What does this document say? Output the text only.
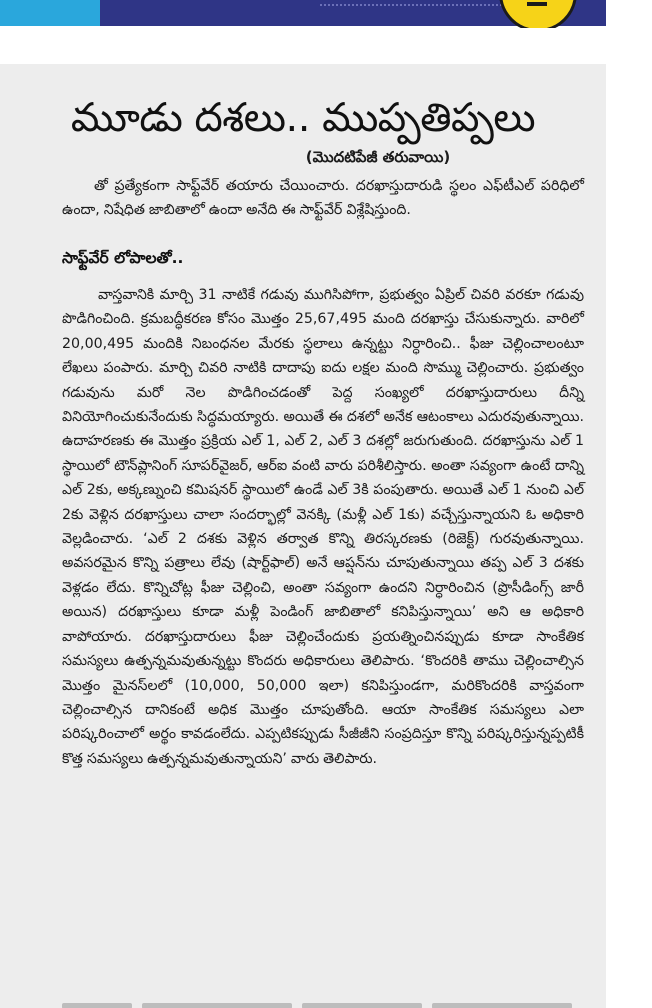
మూడు దశలు.. ముప్పతిప్పలు
(మొదటిపేజీ తరువాయి)

తో ప్రత్యేకంగా సాఫ్ట్‌వేర్ తయారు చేయించారు. దరఖాస్తుదారుడి స్థలం ఎఫ్‌టీఎల్ పరిధిలో ఉందా, నిషేధిత జాబితాలో ఉందా అనేది ఈ సాఫ్ట్‌వేర్ విశ్లేషిస్తుంది.

సాఫ్ట్‌వేర్ లోపాలతో..

వాస్తవానికి మార్చి 31 నాటికే గడువు ముగిసిపోగా, ప్రభుత్వం ఏప్రిల్ చివరి వరకూ గడువు పొడిగించింది. క్రమబద్ధీకరణ కోసం మొత్తం 25,67,495 మంది దరఖాస్తు చేసుకున్నారు. వారిలో 20,00,495 మందికి నిబంధనల మేరకు స్థలాలు ఉన్నట్టు నిర్ధారించి.. ఫీజు చెల్లించాలంటూ లేఖలు పంపారు. మార్చి చివరి నాటికి దాదాపు ఐదు లక్షల మంది సొమ్ము చెల్లించారు. ప్రభుత్వం గడువును మరో నెల పొడిగించడంతో పెద్ద సంఖ్యలో దరఖాస్తుదారులు దీన్ని వినియోగించుకునేందుకు సిద్ధమయ్యారు. అయితే ఈ దశలో అనేక ఆటంకాలు ఎదురవుతున్నాయి. ఉదాహరణకు ఈ మొత్తం ప్రక్రియ ఎల్ 1, ఎల్ 2, ఎల్ 3 దశల్లో జరుగుతుంది. దరఖాస్తును ఎల్ 1 స్థాయిలో టౌన్‌ప్లానింగ్ సూపర్‌వైజర్, ఆర్ఐ వంటి వారు పరిశీలిస్తారు. అంతా సవ్యంగా ఉంటే దాన్ని ఎల్ 2కు, అక్కణ్నుంచి కమిషనర్ స్థాయిలో ఉండే ఎల్ 3కి పంపుతారు. అయితే ఎల్ 1 నుంచి ఎల్ 2కు వెళ్లిన దరఖాస్తులు చాలా సందర్భాల్లో వెనక్కి (మళ్లీ ఎల్ 1కు) వచ్చేస్తున్నాయని ఓ అధికారి వెల్లడించారు. ‘ఎల్ 2 దశకు వెళ్లిన తర్వాత కొన్ని తిరస్కరణకు (రిజెక్ట్) గురవుతున్నాయి. అవసరమైన కొన్ని పత్రాలు లేవు (షార్ట్‌ఫాల్) అనే ఆప్షన్‌ను చూపుతున్నాయి తప్ప ఎల్ 3 దశకు వెళ్లడం లేదు. కొన్నిచోట్ల ఫీజు చెల్లించి, అంతా సవ్యంగా ఉందని నిర్ధారించిన (ప్రొసీడింగ్స్ జారీ అయిన) దరఖాస్తులు కూడా మళ్లీ పెండింగ్ జాబితాలో కనిపిస్తున్నాయి’ అని ఆ అధికారి వాపోయారు. దరఖాస్తుదారులు ఫీజు చెల్లించేందుకు ప్రయత్నించినప్పుడు కూడా సాంకేతిక సమస్యలు ఉత్పన్నమవుతున్నట్టు కొందరు అధికారులు తెలిపారు. ‘కొందరికి తాము చెల్లించాల్సిన మొత్తం మైనస్‌లలో (10,000, 50,000 ఇలా) కనిపిస్తుండగా, మరికొందరికి వాస్తవంగా చెల్లించాల్సిన దానికంటే అధిక మొత్తం చూపుతోంది. ఆయా సాంకేతిక సమస్యలు ఎలా పరిష్కరించాలో అర్థం కావడంలేదు. ఎప్పటికప్పుడు సీజీజీని సంప్రదిస్తూ కొన్ని పరిష్కరిస్తున్నప్పటికీ కొత్త సమస్యలు ఉత్పన్నమవుతున్నాయని’ వారు తెలిపారు.
